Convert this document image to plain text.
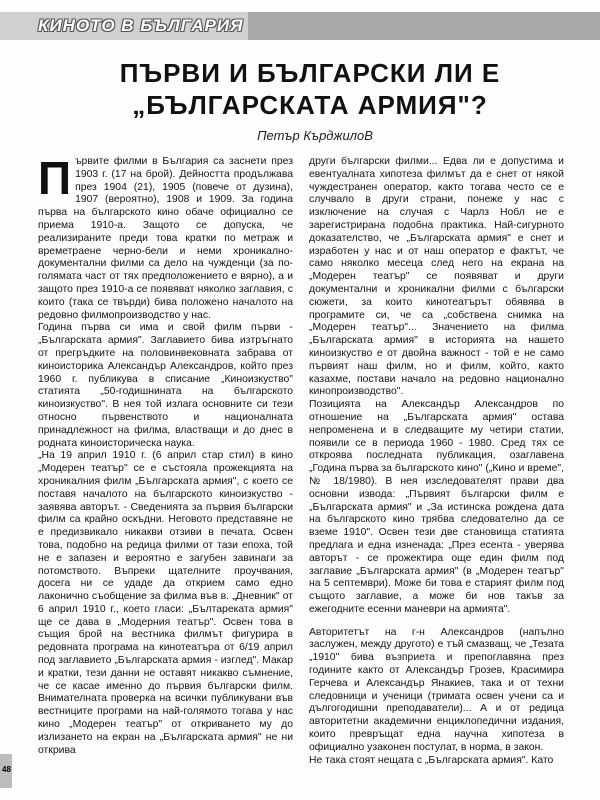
КИНОТО В БЪЛГАРИЯ
ПЪРВИ И БЪЛГАРСКИ ЛИ Е
„БЪЛГАРСКАТА АРМИЯ"?
Петър КърджилоВ

Първите филми в България са заснети през 1903 г. (17 на брой). Дейността продължава през 1904 (21), 1905 (повече от дузина), 1907 (вероятно), 1908 и 1909. За година първа на българското кино обаче официално се приема 1910-а. Защото се допуска, че реализираните преди това кратки по метраж и времетраене черно-бели и неми хроникално-документални филми са дело на чужденци (за по-голямата част от тях предположението е вярно), а и защото през 1910-а се появяват няколко заглавия, с които (така се твърди) бива положено началото на редовно филмопроизводство у нас.

Година първа си има и свой филм първи - „Българската армия". Заглавието бива изтръгнато от прегръдките на половинвековната забрава от киноисторика Александър Александров, който през 1960 г. публикува в списание „Киноизкуство" статията „50-годишнината на българското киноизкуство". В нея той излага основните си тези относно първенството и националната принадлежност на филма, властващи и до днес в родната киноисторическа наука.

„На 19 април 1910 г. (6 април стар стил) в кино „Модерен театър" се е състояла прожекцията на хроникалния филм „Българската армия", с което се поставя началото на българското киноизкуство - заявява авторът. - Сведенията за първия български филм са крайно оскъдни. Неговото представяне не е предизвикало никакви отзиви в печата. Освен това, подобно на редица филми от тази епоха, той не е запазен и вероятно е загубен завинаги за потомството. Въпреки щателните проучвания, досега ни се удаде да открием само едно лаконично съобщение за филма във в. „Дневник" от 6 април 1910 г., което гласи: „Бълтареката армия" ще се дава в „Модерния театър". Освен това в същия брой на вестника филмът фигурира в редовната програма на кинотеатъра от 6/19 април под заглавието „Българската армия - изглед". Макар и кратки, тези данни не оставят никакво съмнение, че се касае именно до първия български филм. Внимателната проверка на всички публикувани във вестниците програми на най-голямото тогава у нас кино „Модерен театър" от откриването му до излизането на екран на „Българската армия" не ни открива

други български филми... Едва ли е допустима и евентуалната хипотеза филмът да е снет от някой чуждестранен оператор, както тогава често се е случвало в други страни, понеже у нас с изключение на случая с Чарлз Нобл не е зарегистрирана подобна практика. Най-сигурното доказателство, че „Българската армия" е снет и изработен у нас и от наш оператор е фактът, че само няколко месеца след него на екрана на „Модерен театър" се появяват и други документални и хроникални филми с български сюжети, за които кинотеатърът обявява в програмите си, че са „собствена снимка на „Модерен театър"... Значението на филма „Българската армия" в историята на нашето киноизкуство е от двойна важност - той е не само първият наш филм, но и филм, който, както казахме, постави начало на редовно национално кинопроизводство".

Позицията на Александър Александров по отношение на „Българската армия" остава непроменена и в следващите му четири статии, появили се в периода 1960 - 1980. Сред тях се откроява последната публикация, озаглавена „Година първа за българското кино" („Кино и време", № 18/1980). В нея изследователят прави два основни извода: „Първият български филм е „Българската армия" и „За истинска рождена дата на българското кино трябва следователно да се вземе 1910". Освен тези две становища статията предлага и една изненада: „През есента - уверява авторът - се прожектира още един филм под заглавие „Българската армия" (в „Модерен театър" на 5 септември). Може би това е старият филм под същото заглавие, а може би нов такъв за ежегодните есенни маневри на армията".

Авторитетът на г-н Александров (напълно заслужен, между другото) е тъй смазващ, че „Тезата „1910" бива възприета и препоглавяна през годините както от Александър Грозев, Красимира Герчева и Александър Янакиев, така и от техни следовници и ученици (тримата освен учени са и дългогодишни преподаватели)... А и от редица авторитетни академични енциклопедични издания, които превръщат една научна хипотеза в официално узаконен постулат, в норма, в закон.

Не така стоят нещата с „Българската армия". Като

48
